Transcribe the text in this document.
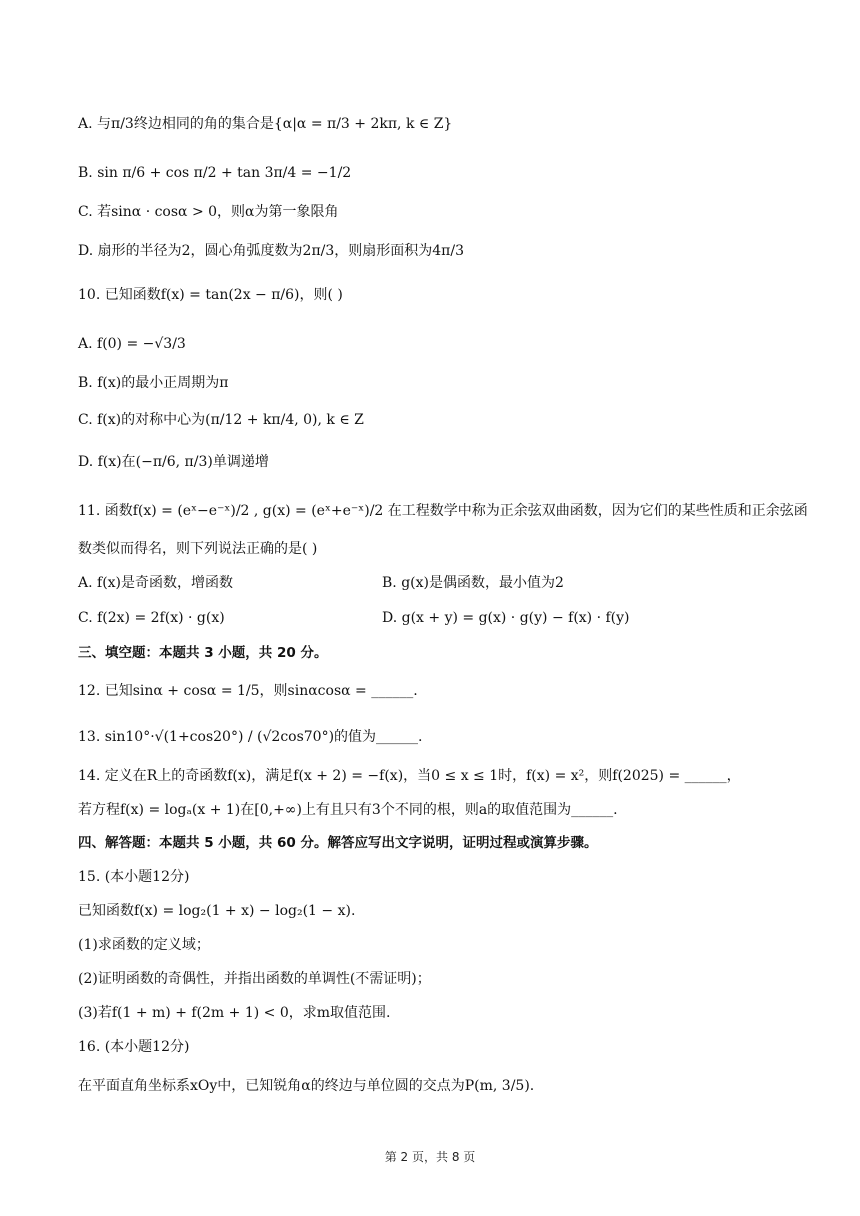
A. 与π/3终边相同的角的集合是{α|α = π/3 + 2kπ, k ∈ Z}
B. sin π/6 + cos π/2 + tan 3π/4 = −1/2
C. 若sinα · cosα > 0，则α为第一象限角
D. 扇形的半径为2，圆心角弧度数为2π/3，则扇形面积为4π/3
10. 已知函数f(x) = tan(2x − π/6)，则( )
A. f(0) = −√3/3
B. f(x)的最小正周期为π
C. f(x)的对称中心为(π/12 + kπ/4, 0), k ∈ Z
D. f(x)在(−π/6, π/3)单调递增
11. 函数f(x) = (eˣ−e⁻ˣ)/2 , g(x) = (eˣ+e⁻ˣ)/2 在工程数学中称为正余弦双曲函数，因为它们的某些性质和正余弦函
数类似而得名，则下列说法正确的是( )
A. f(x)是奇函数，增函数	B. g(x)是偶函数，最小值为2
C. f(2x) = 2f(x) · g(x)	D. g(x + y) = g(x) · g(y) − f(x) · f(y)
三、填空题：本题共 3 小题，共 20 分。
12. 已知sinα + cosα = 1/5，则sinαcosα = ______.
13. sin10°·√(1+cos20°) / (√2cos70°)的值为______.
14. 定义在R上的奇函数f(x)，满足f(x + 2) = −f(x)，当0 ≤ x ≤ 1时，f(x) = x²，则f(2025) = ______，
若方程f(x) = logₐ(x + 1)在[0,+∞)上有且只有3个不同的根，则a的取值范围为______.
四、解答题：本题共 5 小题，共 60 分。解答应写出文字说明，证明过程或演算步骤。
15. (本小题12分)
已知函数f(x) = log₂(1 + x) − log₂(1 − x).
(1)求函数的定义域；
(2)证明函数的奇偶性，并指出函数的单调性(不需证明)；
(3)若f(1 + m) + f(2m + 1) < 0，求m取值范围.
16. (本小题12分)
在平面直角坐标系xOy中，已知锐角α的终边与单位圆的交点为P(m, 3/5).
第 2 页，共 8 页
